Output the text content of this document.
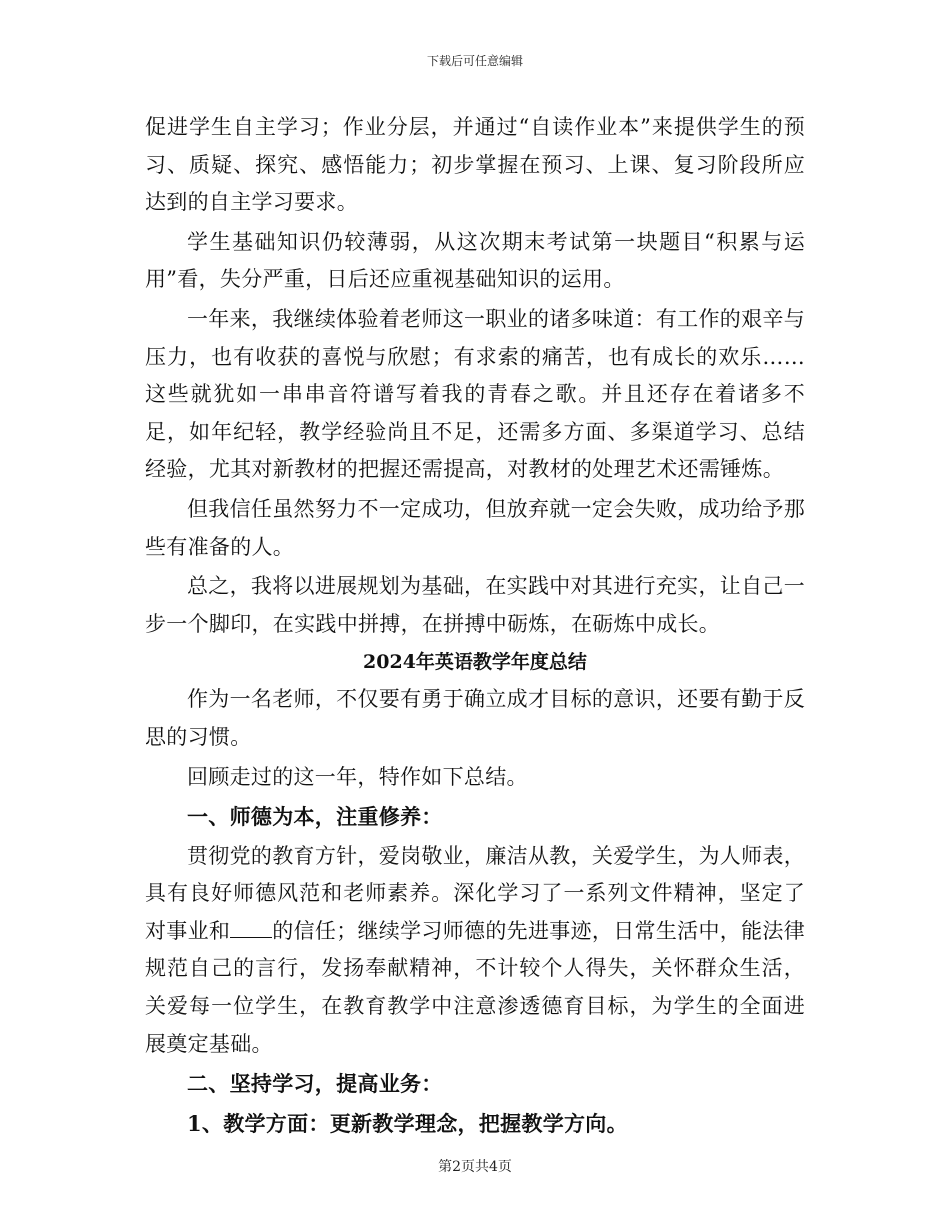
下载后可任意编辑

促进学生自主学习；作业分层，并通过“自读作业本”来提供学生的预习、质疑、探究、感悟能力；初步掌握在预习、上课、复习阶段所应达到的自主学习要求。

学生基础知识仍较薄弱，从这次期末考试第一块题目“积累与运用”看，失分严重，日后还应重视基础知识的运用。

一年来，我继续体验着老师这一职业的诸多味道：有工作的艰辛与压力，也有收获的喜悦与欣慰；有求索的痛苦，也有成长的欢乐……这些就犹如一串串音符谱写着我的青春之歌。并且还存在着诸多不足，如年纪轻，教学经验尚且不足，还需多方面、多渠道学习、总结经验，尤其对新教材的把握还需提高，对教材的处理艺术还需锤炼。

但我信任虽然努力不一定成功，但放弃就一定会失败，成功给予那些有准备的人。

总之，我将以进展规划为基础，在实践中对其进行充实，让自己一步一个脚印，在实践中拼搏，在拼搏中砺炼，在砺炼中成长。

2024年英语教学年度总结

作为一名老师，不仅要有勇于确立成才目标的意识，还要有勤于反思的习惯。

回顾走过的这一年，特作如下总结。

一、师德为本，注重修养：

贯彻党的教育方针，爱岗敬业，廉洁从教，关爱学生，为人师表，具有良好师德风范和老师素养。深化学习了一系列文件精神，坚定了对事业和 的信任；继续学习师德的先进事迹，日常生活中，能法律规范自己的言行，发扬奉献精神，不计较个人得失，关怀群众生活，关爱每一位学生，在教育教学中注意渗透德育目标，为学生的全面进展奠定基础。

二、坚持学习，提高业务：

1、教学方面：更新教学理念，把握教学方向。

第2页共4页
